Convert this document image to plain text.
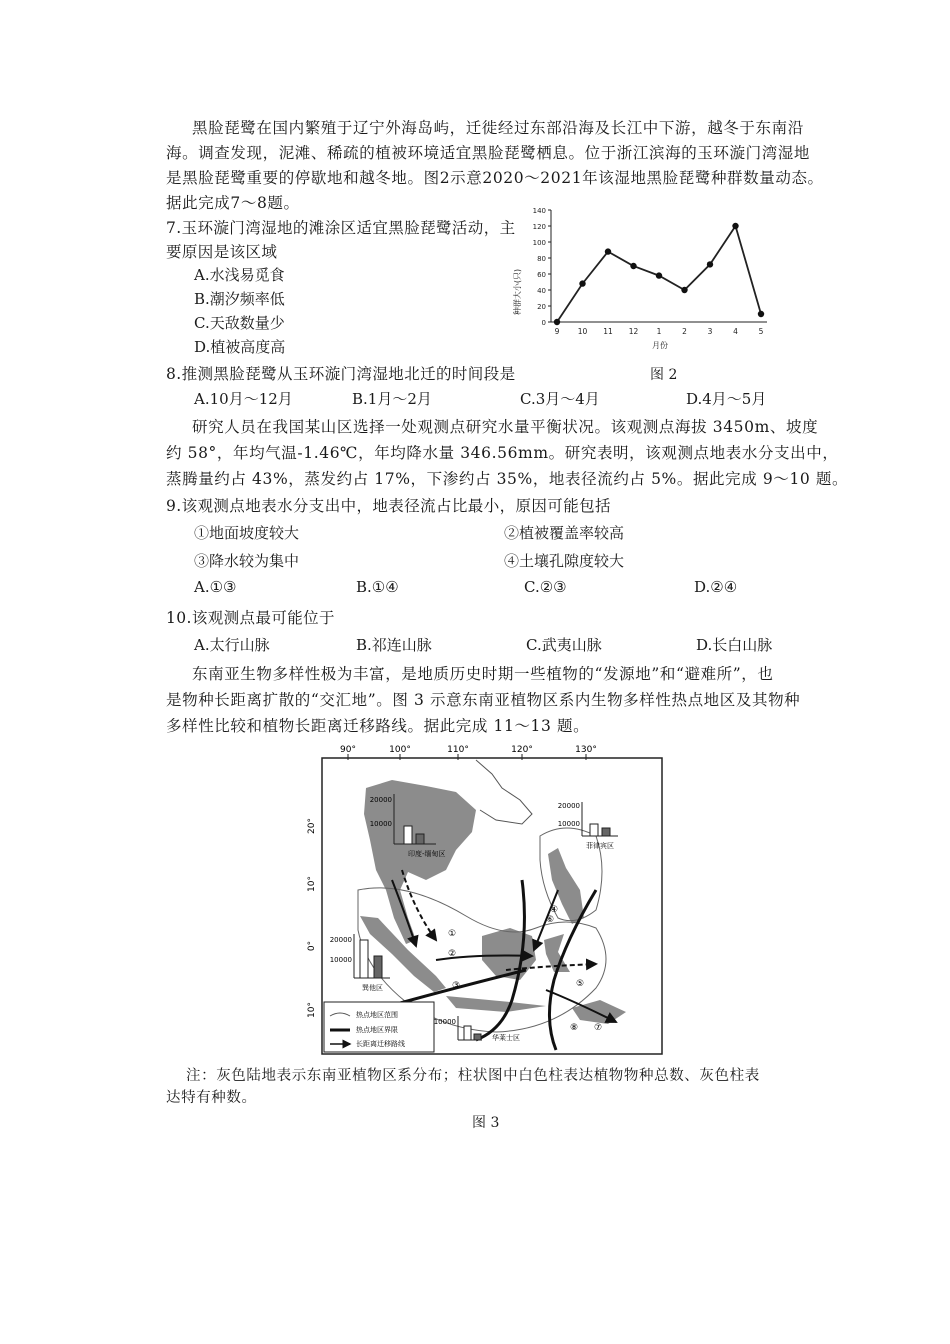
黑脸琵鹭在国内繁殖于辽宁外海岛屿，迁徙经过东部沿海及长江中下游，越冬于东南沿
海。调查发现，泥滩、稀疏的植被环境适宜黑脸琵鹭栖息。位于浙江滨海的玉环漩门湾湿地
是黑脸琵鹭重要的停歇地和越冬地。图2示意2020～2021年该湿地黑脸琵鹭种群数量动态。
据此完成7～8题。
7.玉环漩门湾湿地的滩涂区适宜黑脸琵鹭活动，主
要原因是该区域
A.水浅易觅食
B.潮汐频率低
C.天敌数量少
D.植被高度高
0
20
40
60
80
100
120
140
9 10 11 12 1	2	3	4	5
种群大小(只)
月份
图 2
8.推测黑脸琵鹭从玉环漩门湾湿地北迁的时间段是
A.10月～12月	B.1月～2月	C.3月～4月	D.4月～5月
研究人员在我国某山区选择一处观测点研究水量平衡状况。该观测点海拔 3450m、坡度
约 58°，年均气温-1.46℃，年均降水量 346.56mm。研究表明，该观测点地表水分支出中，
蒸腾量约占 43%，蒸发约占 17%，下渗约占 35%，地表径流约占 5%。据此完成 9～10 题。
9.该观测点地表水分支出中，地表径流占比最小，原因可能包括
①地面坡度较大	②植被覆盖率较高
③降水较为集中	④土壤孔隙度较大
A.①③	B.①④	C.②③	D.②④
10.该观测点最可能位于
A.太行山脉	B.祁连山脉	C.武夷山脉	D.长白山脉
东南亚生物多样性极为丰富，是地质历史时期一些植物的“发源地”和“避难所”，也
是物种长距离扩散的“交汇地”。图 3 示意东南亚植物区系内生物多样性热点地区及其物种
多样性比较和植物长距离迁移路线。据此完成 11～13 题。
90°	100°	110°	120°	130°
20°
10°
0°
10°
①
②
③
④
⑤
⑥
⑦
⑧
20000
10000
印度-缅甸区
20000
10000
菲律宾区
20000
10000
巽他区
10000
华莱士区
热点地区范围
热点地区界限
长距离迁移路线
注：灰色陆地表示东南亚植物区系分布；柱状图中白色柱表达植物物种总数、灰色柱表
达特有种数。
图 3
